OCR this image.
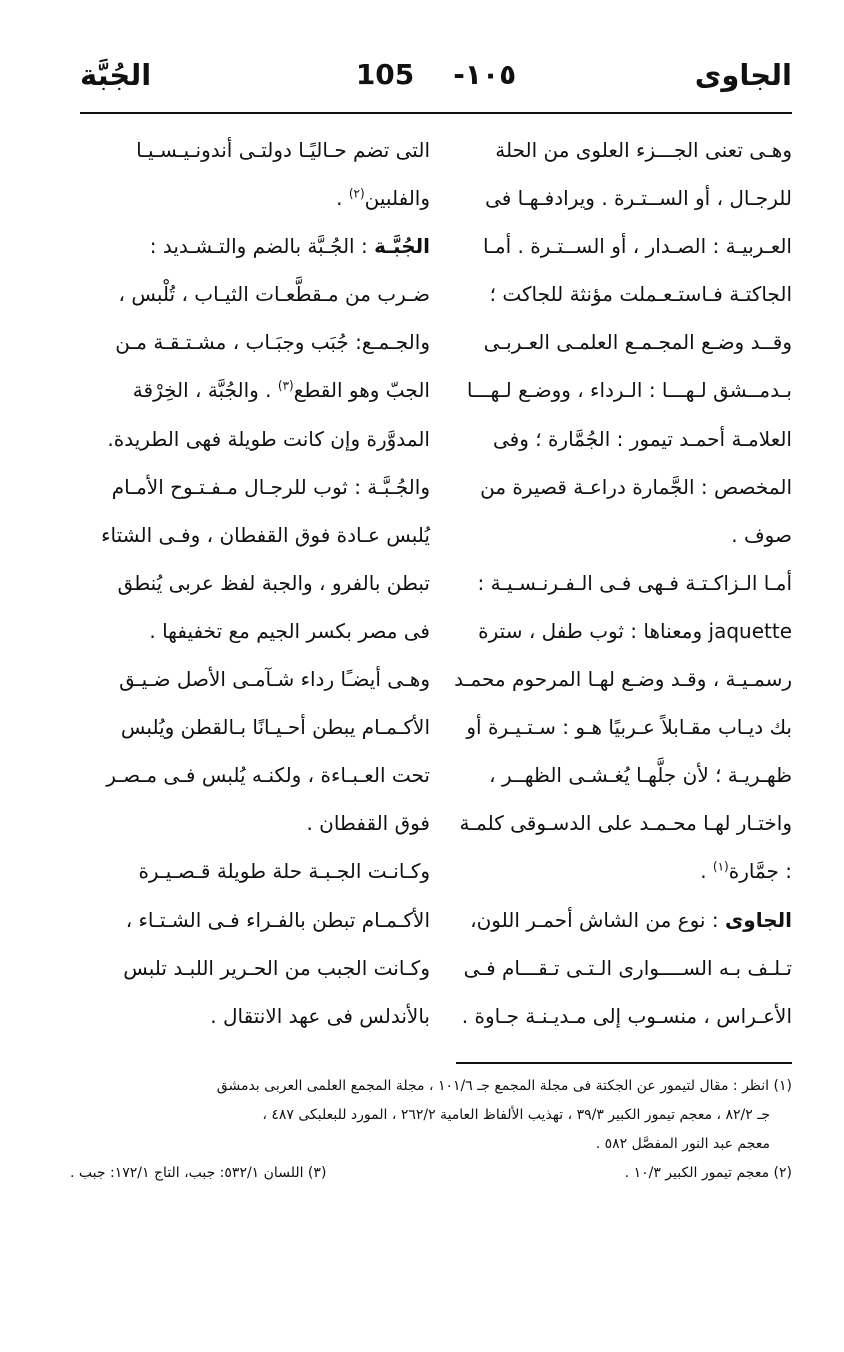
الجاوى
105 -١٠٥
الجُبَّة

وهـى تعنى الجـــزء العلوى من الحلة

للرجـال ، أو الســتـرة . ويرادفـهـا فى

العـربيـة : الصـدار ، أو الســتـرة . أمـا

الجاكتـة فـاستـعـملت مؤنثة للجاكت ؛

وقــد وضـع المجـمـع العلمـى العـربـى

بـدمــشق لـهـــا : الـرداء ، ووضـع لـهـــا

العلامـة أحمـد تيمور : الجُمَّارة ؛ وفى

المخصص : الجَّمارة دراعـة قصيرة من

صوف .

أمـا الـزاكـتـة فـهى فـى الـفـرنـسـيـة :

jaquette ومعناها : ثوب طفل ، سترة

رسمـيـة ، وقـد وضـع لهـا المرحوم محمـد

بك ديـاب مقـابلاً عـربيًا هـو : سـتـيـرة أو

ظهـريـة ؛ لأن جلَّهـا يُغـشـى الظهــر ،

واختـار لهـا محـمـد على الدسـوقى كلمـة

: جمَّارة$^{(١)}$ .

الجاوى : نوع من الشاش أحمـر اللون،

تـلـف بـه الســــوارى الـتـى تـقـــام فـى

الأعـراس ، منسـوب إلى مـديـنـة جـاوة .

التى تضم حـاليًـا دولتـى أندونـيـسـيـا

والفلبين$^{(٢)}$ .

الجُبَّـة : الجُـبَّة بالضم والتـشـديد :

ضـرب من مـقطَّعـات الثيـاب ، تُلْبس ،

والجـمـع: جُبَب وجبَـاب ، مشـتـقـة مـن

الجبّ وهو القطع$^{(٣)}$ . والجُبَّة ، الخِرْقة

المدوَّرة وإن كانت طويلة فهى الطريدة.

والجُـبَّـة : ثوب للرجـال مـفـتـوح الأمـام

يُلبس عـادة فوق القفطان ، وفـى الشتاء

تبطن بالفرو ، والجبة لفظ عربى يُنطق

فى مصر بكسر الجيم مع تخفيفها .

وهـى أيضـًا رداء شـآمـى الأصل ضـيـق

الأكـمـام يبطن أحـيـانًا بـالقطن ويُلبس

تحت العـبـاءة ، ولكنـه يُلبس فـى مـصـر

فوق القفطان .

وكـانـت الجـبـة حلة طويلة قـصـيـرة

الأكـمـام تبطن بالفـراء فـى الشـتـاء ،

وكـانت الجبب من الحـرير اللبـد تلبس

بالأندلس فى عهد الانتقال .

(١) انظر : مقال لتيمور عن الجكتة فى مجلة المجمع جـ ١٠١/٦ ، مجلة المجمع العلمى العربى بدمشق

جـ ٨٢/٢ ، معجم تيمور الكبير ٣٩/٣ ، تهذيب الألفاظ العامية ٢٦٢/٢ ، المورد للبعلبكى ٤٨٧ ،

معجم عبد النور المفصَّل ٥٨٢ .

(٢) معجم تيمور الكبير ١٠/٣ .
(٣) اللسان ٥٣٢/١: جبب، التاج ١٧٢/١: جبب .
